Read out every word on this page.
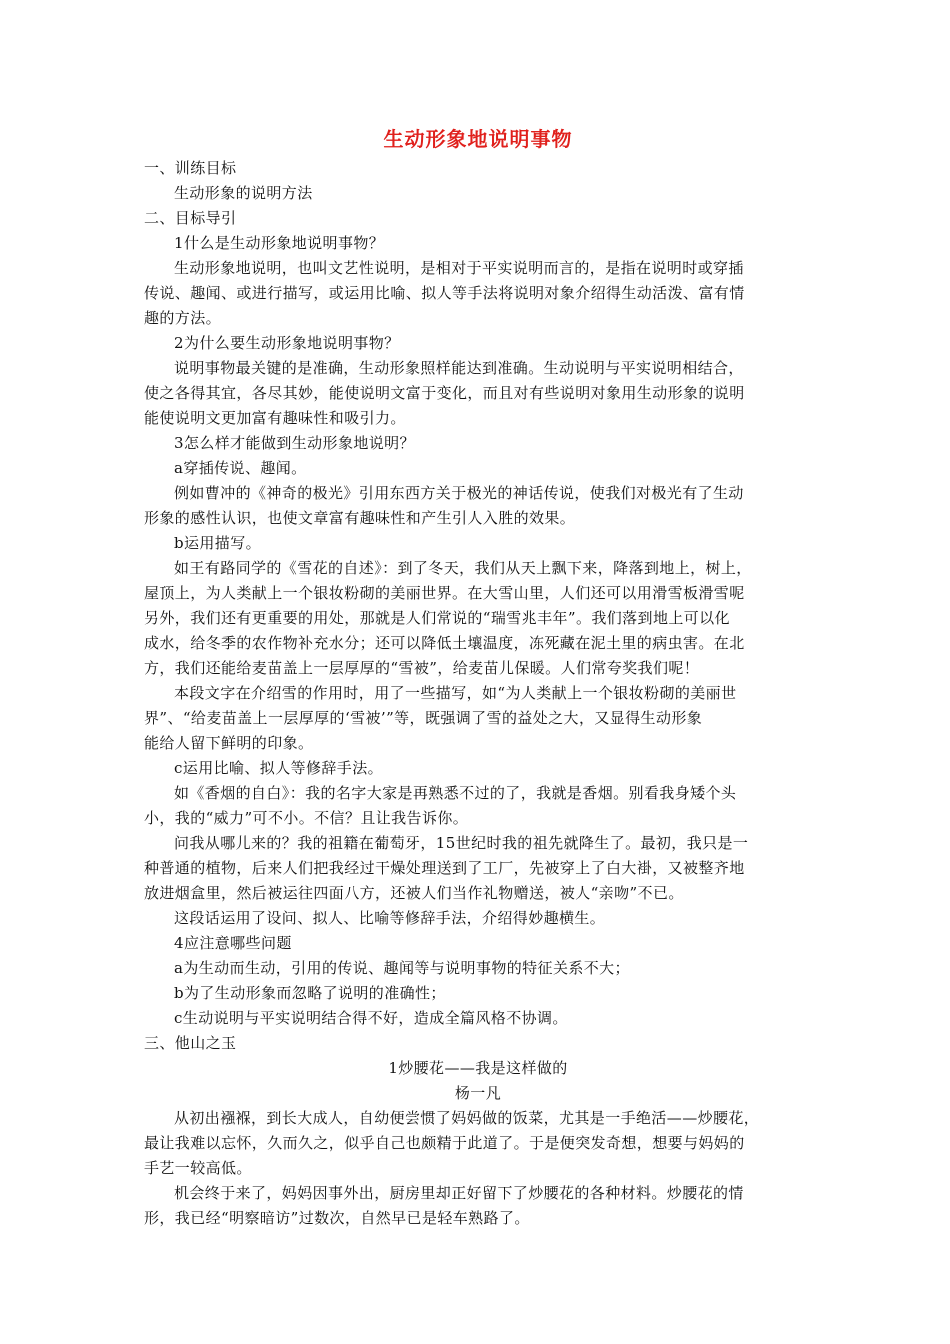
生动形象地说明事物
一、训练目标
生动形象的说明方法
二、目标导引
1什么是生动形象地说明事物？
生动形象地说明，也叫文艺性说明，是相对于平实说明而言的，是指在说明时或穿插
传说、趣闻、或进行描写，或运用比喻、拟人等手法将说明对象介绍得生动活泼、富有情
趣的方法。
2为什么要生动形象地说明事物？
说明事物最关键的是准确，生动形象照样能达到准确。生动说明与平实说明相结合，
使之各得其宜，各尽其妙，能使说明文富于变化，而且对有些说明对象用生动形象的说明
能使说明文更加富有趣味性和吸引力。
3怎么样才能做到生动形象地说明？
a穿插传说、趣闻。
例如曹冲的《神奇的极光》引用东西方关于极光的神话传说，使我们对极光有了生动
形象的感性认识，也使文章富有趣味性和产生引人入胜的效果。
b运用描写。
如王有路同学的《雪花的自述》：到了冬天，我们从天上飘下来，降落到地上，树上，
屋顶上，为人类献上一个银妆粉砌的美丽世界。在大雪山里，人们还可以用滑雪板滑雪呢
另外，我们还有更重要的用处，那就是人们常说的“瑞雪兆丰年”。我们落到地上可以化
成水，给冬季的农作物补充水分；还可以降低土壤温度，冻死藏在泥土里的病虫害。在北
方，我们还能给麦苗盖上一层厚厚的“雪被”，给麦苗儿保暖。人们常夸奖我们呢！
本段文字在介绍雪的作用时，用了一些描写，如“为人类献上一个银妆粉砌的美丽世
界”、“给麦苗盖上一层厚厚的‘雪被’”等，既强调了雪的益处之大，又显得生动形象
能给人留下鲜明的印象。
c运用比喻、拟人等修辞手法。
如《香烟的自白》：我的名字大家是再熟悉不过的了，我就是香烟。别看我身矮个头
小，我的“威力”可不小。不信？且让我告诉你。
问我从哪儿来的？我的祖籍在葡萄牙，15世纪时我的祖先就降生了。最初，我只是一
种普通的植物，后来人们把我经过干燥处理送到了工厂，先被穿上了白大褂，又被整齐地
放进烟盒里，然后被运往四面八方，还被人们当作礼物赠送，被人“亲吻”不已。
这段话运用了设问、拟人、比喻等修辞手法，介绍得妙趣横生。
4应注意哪些问题
a为生动而生动，引用的传说、趣闻等与说明事物的特征关系不大；
b为了生动形象而忽略了说明的准确性；
c生动说明与平实说明结合得不好，造成全篇风格不协调。
三、他山之玉
1炒腰花——我是这样做的
杨一凡
从初出襁褓，到长大成人，自幼便尝惯了妈妈做的饭菜，尤其是一手绝活——炒腰花，
最让我难以忘怀，久而久之，似乎自己也颇精于此道了。于是便突发奇想，想要与妈妈的
手艺一较高低。
机会终于来了，妈妈因事外出，厨房里却正好留下了炒腰花的各种材料。炒腰花的情
形，我已经“明察暗访”过数次，自然早已是轻车熟路了。
